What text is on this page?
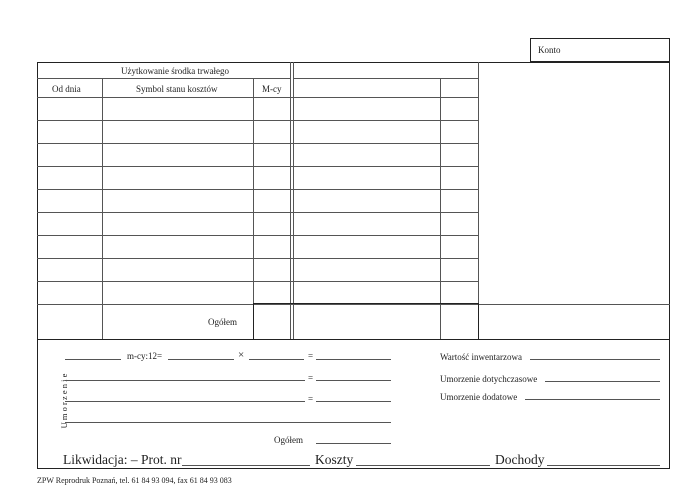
Konto
Użytkowanie środka trwałego
Od dnia	Symbol stanu kosztów	M-cy
Ogółem
U m o r z e n i e
m-cy:12=	×	=
=
=
Ogółem
Wartość inwentarzowa
Umorzenie dotychczasowe
Umorzenie dodatowe
Likwidacja: – Prot. nr	Koszty	Dochody
ZPW Reprodruk Poznań, tel. 61 84 93 094, fax 61 84 93 083
